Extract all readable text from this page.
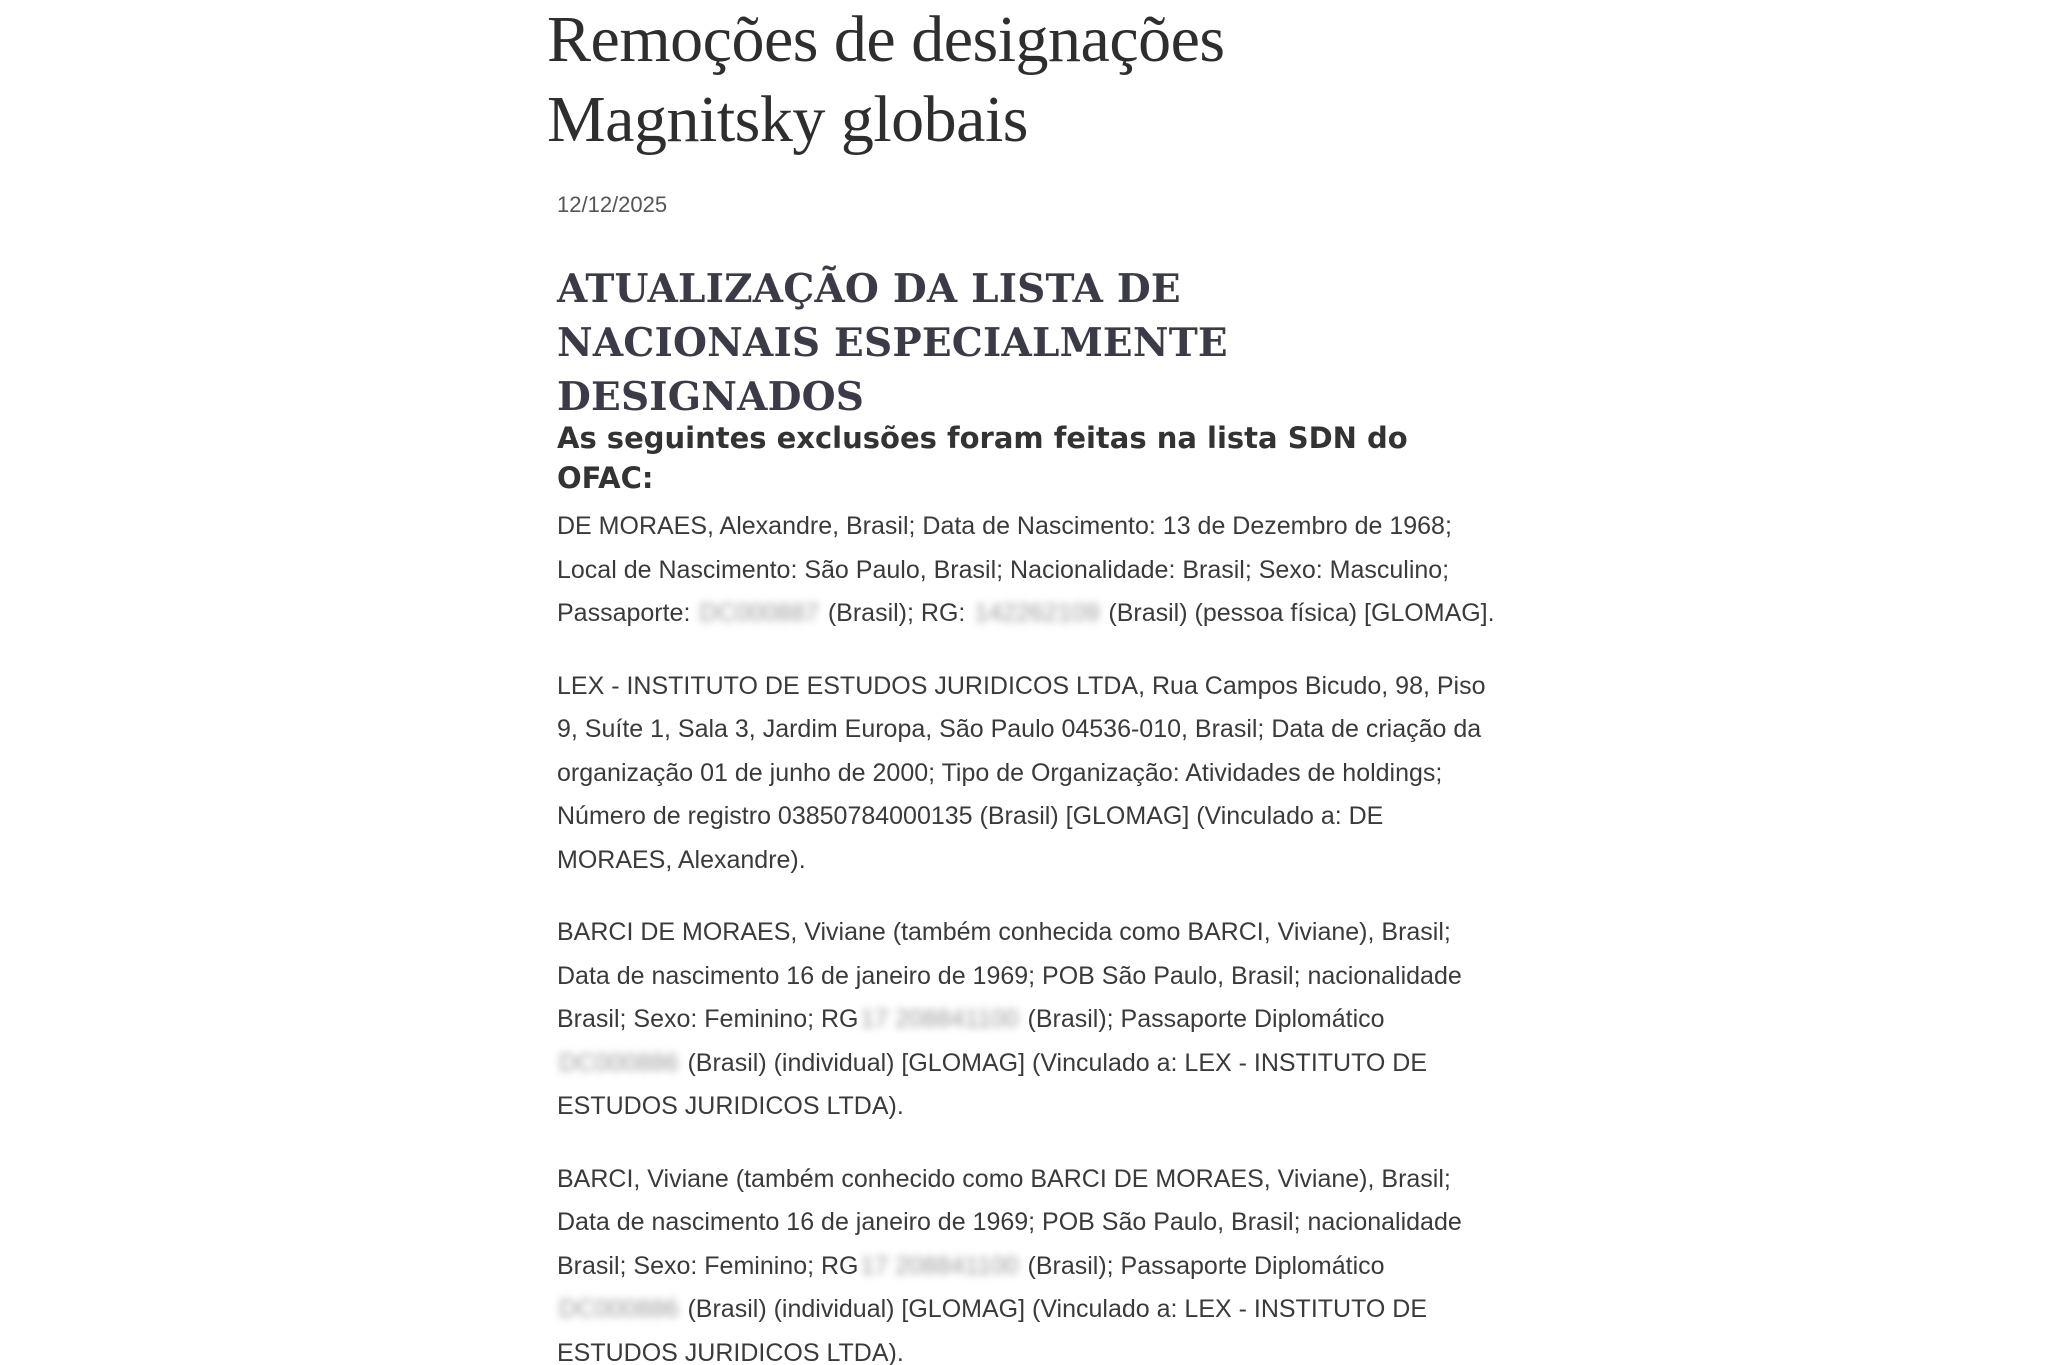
Remoções de designações Magnitsky globais
12/12/2025
ATUALIZAÇÃO DA LISTA DE NACIONAIS ESPECIALMENTE DESIGNADOS
As seguintes exclusões foram feitas na lista SDN do OFAC:

DE MORAES, Alexandre, Brasil; Data de Nascimento: 13 de Dezembro de 1968; Local de Nascimento: São Paulo, Brasil; Nacionalidade: Brasil; Sexo: Masculino; Passaporte: DC000887 (Brasil); RG: 142262109 (Brasil) (pessoa física) [GLOMAG].

LEX - INSTITUTO DE ESTUDOS JURIDICOS LTDA, Rua Campos Bicudo, 98, Piso 9, Suíte 1, Sala 3, Jardim Europa, São Paulo 04536-010, Brasil; Data de criação da organização 01 de junho de 2000; Tipo de Organização: Atividades de holdings; Número de registro 03850784000135 (Brasil) [GLOMAG] (Vinculado a: DE MORAES, Alexandre).

BARCI DE MORAES, Viviane (também conhecida como BARCI, Viviane), Brasil; Data de nascimento 16 de janeiro de 1969; POB São Paulo, Brasil; nacionalidade Brasil; Sexo: Feminino; RG17 208841100 (Brasil); Passaporte DiplomáticoDC000886 (Brasil) (individual) [GLOMAG] (Vinculado a: LEX - INSTITUTO DE ESTUDOS JURIDICOS LTDA).

BARCI, Viviane (também conhecido como BARCI DE MORAES, Viviane), Brasil; Data de nascimento 16 de janeiro de 1969; POB São Paulo, Brasil; nacionalidade Brasil; Sexo: Feminino; RG17 208841100 (Brasil); Passaporte DiplomáticoDC000886 (Brasil) (individual) [GLOMAG] (Vinculado a: LEX - INSTITUTO DE ESTUDOS JURIDICOS LTDA).
